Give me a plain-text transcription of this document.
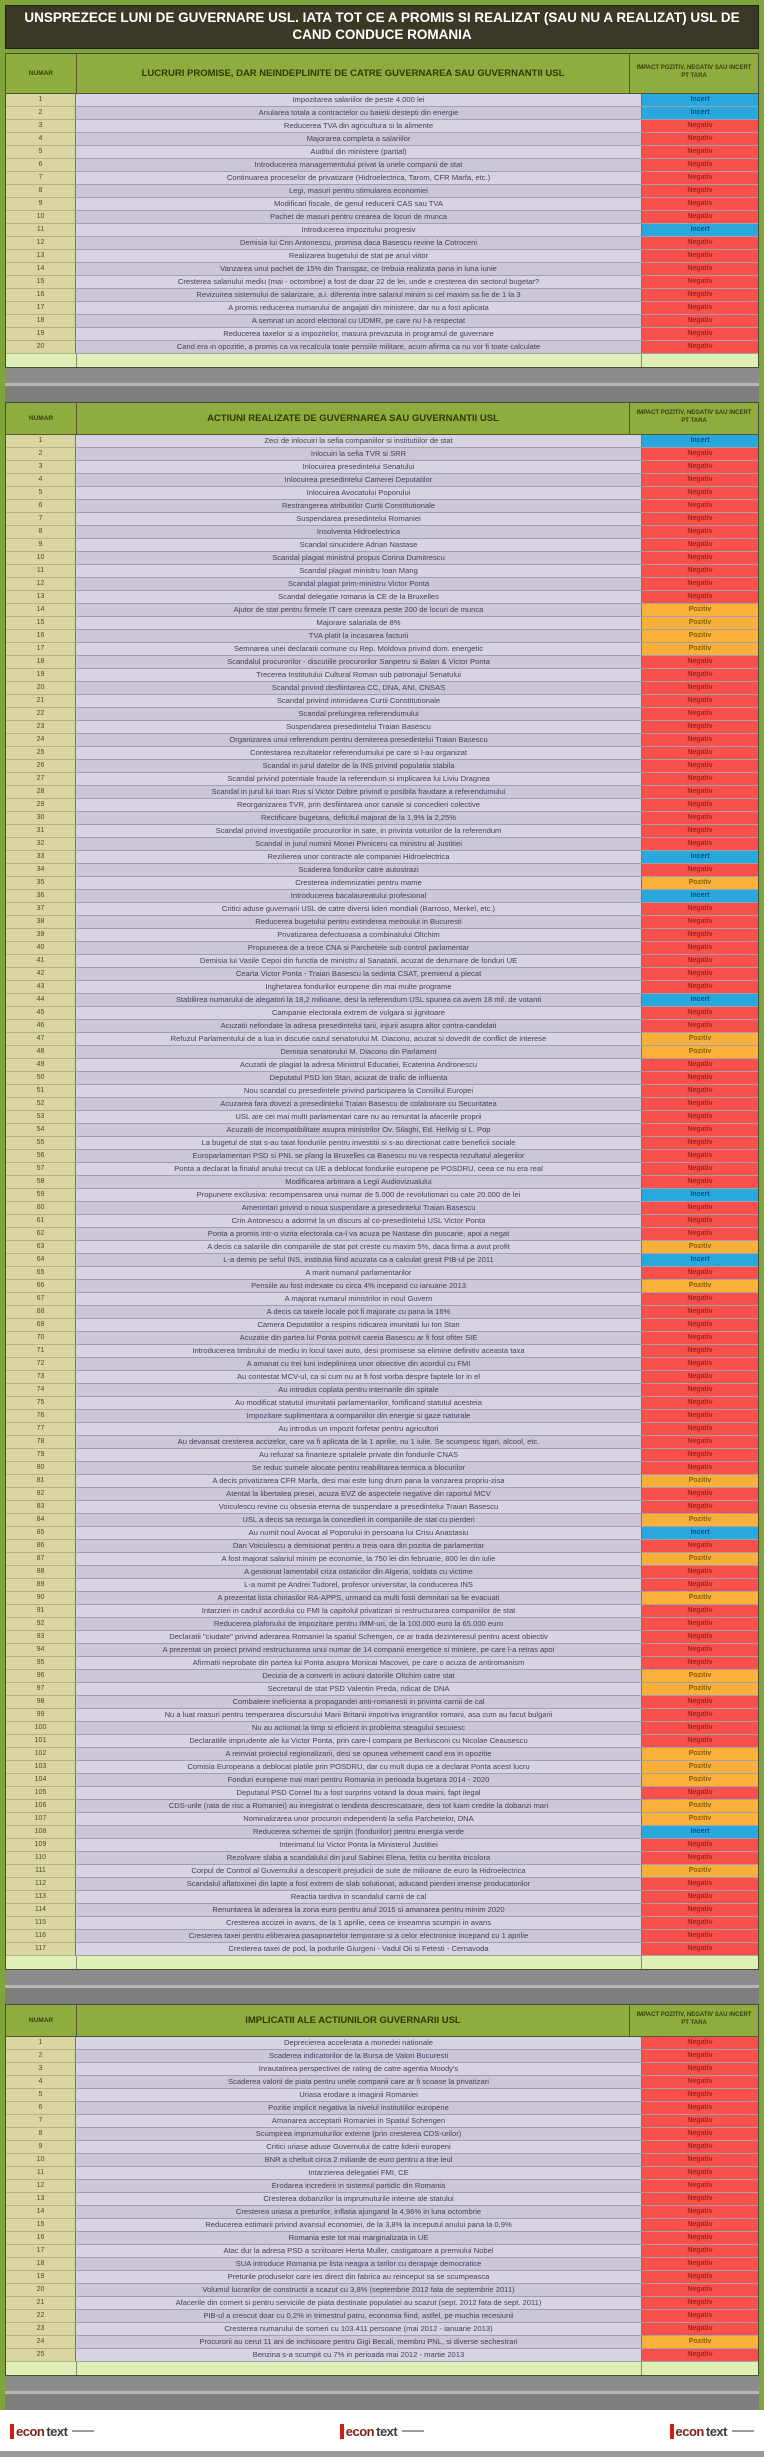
UNSPREZECE LUNI DE GUVERNARE USL. IATA TOT CE A PROMIS SI REALIZAT (SAU NU A REALIZAT) USL DE CAND CONDUCE ROMANIA
NUMAR	LUCRURI PROMISE, DAR NEINDEPLINITE DE CATRE GUVERNAREA SAU GUVERNANTII USL	IMPACT POZITIV, NEGATIV SAU INCERT PT TARA
1	Impozitarea salariilor de peste 4.000 lei	Incert
2	Anularea totala a contractelor cu baietii destepti din energie	Incert
3	Reducerea TVA din agricultura si la alimente	Negativ
4	Majorarea completa a salariilor	Negativ
5	Auditul din ministere (partial)	Negativ
6	Introducerea managementului privat la unele companii de stat	Negativ
7	Continuarea proceselor de privatizare (Hidroelectrica, Tarom, CFR Marfa, etc.)	Negativ
8	Legi, masuri pentru stimularea economiei	Negativ
9	Modificari fiscale, de genul reducerii CAS sau TVA	Negativ
10	Pachet de masuri pentru crearea de locuri de munca	Negativ
11	Introducerea impozitului progresiv	Incert
12	Demisia lui Crin Antonescu, promisa daca Basescu revine la Cotroceni	Negativ
13	Realizarea bugetului de stat pe anul viitor	Negativ
14	Vanzarea unui pachet de 15% din Transgaz, ce trebuia realizata pana in luna iunie	Negativ
15	Cresterea salariului mediu (mai - octombrie) a fost de doar 22 de lei, unde e cresterea din sectorul bugetar?	Negativ
16	Revizuirea sistemului de salarizare, a.i. diferenta intre salariul minim si cel maxim sa fie de 1 la 3	Negativ
17	A promis reducerea numarului de angajati din ministere, dar nu a fost aplicata	Negativ
18	A semnat un acord electoral cu UDMR, pe care nu l-a respectat	Negativ
19	Reducerea taxelor si a impozitelor, masura prevazuta in programul de guvernare	Negativ
20	Cand era in opozitie, a promis ca va recalcula toate pensiile militare, acum afirma ca nu vor fi toate calculate	Negativ
NUMAR	ACTIUNI REALIZATE DE GUVERNAREA SAU GUVERNANTII USL	IMPACT POZITIV, NEGATIV SAU INCERT PT TARA
1	Zeci de inlocuiri la sefia companiilor si institutiilor de stat	Incert
2	Inlocuiri la sefia TVR si SRR	Negativ
3	Inlocuirea presedintelui Senatului	Negativ
4	Inlocuirea presedintelui Camerei Deputatilor	Negativ
5	Inlocuirea Avocatului Poporului	Negativ
6	Restrangerea atributiilor Curtii Constitutionale	Negativ
7	Suspendarea presedintelui Romaniei	Negativ
8	Insolventa Hidroelectrica	Negativ
9	Scandal sinucidere Adrian Nastase	Negativ
10	Scandal plagiat ministrul propus Corina Dumitrescu	Negativ
11	Scandal plagiat ministru Ioan Mang	Negativ
12	Scandal plagiat prim-ministru Victor Ponta	Negativ
13	Scandal delegatie romana la CE de la Bruxelles	Negativ
14	Ajutor de stat pentru firmele IT care creeaza peste 200 de locuri de munca	Pozitiv
15	Majorare salariala de 8%	Pozitiv
16	TVA platit la incasarea facturii	Pozitiv
17	Semnarea unei declaratii comune cu Rep. Moldova privind dom. energetic	Pozitiv
18	Scandalul procurorilor - discutiile procurorilor Sanpetru si Balan & Victor Ponta	Negativ
19	Trecerea Institutului Cultural Roman sub patronajul Senatului	Negativ
20	Scandal privind desfiintarea CC, DNA, ANI, CNSAS	Negativ
21	Scandal privind intimidarea Curtii Constitutionale	Negativ
22	Scandal prelungirea referendumului	Negativ
23	Suspendarea presedintelui Traian Basescu	Negativ
24	Organizarea unui referendum pentru demiterea presedintelui Traian Basescu	Negativ
25	Contestarea rezultatelor referendumului pe care si l-au organizat	Negativ
26	Scandal in jurul datelor de la INS privind populatia stabila	Negativ
27	Scandal privind potentiale fraude la referendum si implicarea lui Liviu Dragnea	Negativ
28	Scandal in jurul lui Ioan Rus si Victor Dobre privind o posibila fraudare a referendumului	Negativ
29	Reorganizarea TVR, prin desfiintarea unor canale si concedieri colective	Negativ
30	Rectificare bugetara, deficitul majorat de la 1,9% la 2,25%	Negativ
31	Scandal privind investigatiile procurorilor in sate, in privinta voturilor de la referendum	Negativ
32	Scandal in jurul numirii Monei Pivniceru ca ministru al Justitiei	Negativ
33	Rezilierea unor contracte ale companiei Hidroelectrica	Incert
34	Scaderea fondurilor catre autostrazi	Negativ
35	Cresterea indemnizatiei pentru mame	Pozitiv
36	Introducerea bacalaureatului profesional	Incert
37	Critici aduse guvernarii USL de catre diversi lideri mondiali (Barroso, Merkel, etc.)	Negativ
38	Reducerea bugetului pentru extinderea metroului in Bucuresti	Negativ
39	Privatizarea defectuoasa a combinatului Oltchim	Negativ
40	Propunerea de a trece CNA si Parchetele sub control parlamentar	Negativ
41	Demisia lui Vasile Cepoi din functia de ministru al Sanatatii, acuzat de deturnare de fonduri UE	Negativ
42	Cearta Victor Ponta - Traian Basescu la sedinta CSAT, premierul a plecat	Negativ
43	Inghetarea fondurilor europene din mai multe programe	Negativ
44	Stabilirea numarului de alegatori la 18,2 milioane, desi la referendum USL spunea ca avem 18 mil. de votanti	Incert
45	Campanie electorala extrem de vulgara si jignitoare	Negativ
46	Acuzatii nefondate la adresa presedintelui tarii, injurii asupra altor contra-candidati	Negativ
47	Refuzul Parlamentului de a lua in discutie cazul senatorului M. Diaconu, acuzat si dovedit de conflict de interese	Pozitiv
48	Demisia senatorului M. Diaconu din Parlament	Pozitiv
49	Acuzatii de plagiat la adresa Ministrul Educatiei, Ecaterina Andronescu	Negativ
50	Deputatul PSD Ion Stan, acuzat de trafic de influenta	Negativ
51	Nou scandal cu presedintele privind participarea la Consiliul Europei	Negativ
52	Acuzarea fara dovezi a presedintelui Traian Basescu de colaborare cu Securitatea	Negativ
53	USL are cei mai multi parlamentari care nu au renuntat la afacerile proprii	Negativ
54	Acuzatii de incompatibilitate asupra ministrilor Ov. Silaghi, Ed. Hellvig si L. Pop	Negativ
55	La bugetul de stat s-au taiat fondurile pentru investitii si s-au directionat catre beneficii sociale	Negativ
56	Europarlamentari PSD si PNL se plang la Bruxelles ca Basescu nu va respecta rezultatul alegerilor	Negativ
57	Ponta a declarat la finalul anului trecut ca UE a deblocat fondurile europene pe POSDRU, ceea ce nu era real	Negativ
58	Modificarea arbitrara a Legii Audiovizualului	Negativ
59	Propunere exclusiva: recompensarea unui numar de 5.000 de revolutionari cu cate 20.000 de lei	Incert
60	Amenintari privind o noua suspendare a presedintelui Traian Basescu	Negativ
61	Crin Antonescu a adormit la un discurs al co-presedintelui USL Victor Ponta	Negativ
62	Ponta a promis intr-o vizita electorala ca-l va acuza pe Nastase din puscarie, apoi a negat	Negativ
63	A decis ca salariile din companiile de stat pot creste cu maxim 5%, daca firma a avut profit	Pozitiv
64	L-a demis pe seful INS, institutia fiind acuzata ca a calculat gresit PIB-ul pe 2011	Incert
65	A marit numarul parlamentarilor	Negativ
66	Pensiile au fost indexate cu circa 4% incepand cu ianuarie 2013	Pozitiv
67	A majorat numarul ministrilor in noul Guvern	Negativ
68	A decis ca taxele locale pot fi majorate cu pana la 16%	Negativ
69	Camera Deputatilor a respins ridicarea imunitatii lui Ion Stan	Negativ
70	Acuzatie din partea lui Ponta potrivit careia Basescu ar fi fost ofiter SIE	Negativ
71	Introducerea timbrului de mediu in locul taxei auto, desi promisese sa elimine definitiv aceasta taxa	Negativ
72	A amanat cu trei luni indeplinirea unor obiective din acordul cu FMI	Negativ
73	Au contestat MCV-ul, ca si cum nu ar fi fost vorba despre faptele lor in el	Negativ
74	Au introdus coplata pentru internarile din spitale	Negativ
75	Au modificat statutul imunitatii parlamentarilor, fortificand statutul acesteia	Negativ
76	Impozitare suplimentara a companiilor din energie si gaze naturale	Negativ
77	Au introdus un impozit forfetar pentru agricultori	Negativ
78	Au devansat cresterea accizelor, care va fi aplicata de la 1 aprilie, nu 1 iulie. Se scumpesc tigari, alcool, etc.	Negativ
79	Au refuzat sa finanteze spitalele private din fondurile CNAS	Negativ
80	Se reduc sumele alocate pentru reabilitarea termica a blocurilor	Negativ
81	A decis privatizarea CFR Marfa, desi mai este lung drum pana la vanzarea propriu-zisa	Pozitiv
82	Atentat la libertatea presei, acuza EVZ de aspectele negative din raportul MCV	Negativ
83	Voiculescu revine cu obsesia eterna de suspendare a presedintelui Traian Basescu	Negativ
84	USL a decis sa recurga la concedieri in companiile de stat cu pierderi	Pozitiv
85	Au numit noul Avocat al Poporului in persoana lui Crisu Anastasiu	Incert
86	Dan Voiculescu a demisionat pentru a treia oara din pozitia de parlamentar	Negativ
87	A fost majorat salariul minim pe economie, la 750 lei din februarie, 800 lei din iulie	Pozitiv
88	A gestionat lamentabil criza ostaticilor din Algeria, soldata cu victime	Negativ
89	L-a numit pe Andrei Tudorel, profesor universitar, la conducerea INS	Negativ
90	A prezentat lista chiriasilor RA-APPS, urmand ca multi fosti demnitari sa fie evacuati	Pozitiv
91	Intarzieri in cadrul acordului cu FMI la capitolul privatizari si restructurarea companiilor de stat	Negativ
92	Reducerea plafonului de impozitare pentru IMM-uri, de la 100.000 euro la 65.000 euro	Negativ
93	Declaratii "ciudate" privind aderarea Romaniei la spatiul Schengen, ce ar trada dezinteresul pentru acest obiectiv	Negativ
94	A prezentat un proiect privind restructurarea unui numar de 14 companii energetice si miniere, pe care l-a retras apoi	Negativ
95	Afirmatii neprobate din partea lui Ponta asupra Monicai Macovei, pe care o acuza de antiromanism	Negativ
96	Decizia de a converti in actiuni datoriile Oltchim catre stat	Pozitiv
97	Secretarul de stat PSD Valentin Preda, ridicat de DNA	Pozitiv
98	Combatere ineficienta a propagandei anti-romanesti in privinta carnii de cal	Negativ
99	Nu a luat masuri pentru temperarea discursului Marii Britanii impotriva imigrantilor romani, asa cum au facut bulgarii	Negativ
100	Nu au actionat la timp si eficient in problema steagului secuiesc	Negativ
101	Declaratiile imprudente ale lui Victor Ponta, prin care-l compara pe Berlusconi cu Nicolae Ceausescu	Negativ
102	A reinviat proiectul regionalizarii, desi se opunea vehement cand era in opozitie	Pozitiv
103	Comisia Europeana a deblocat platile prin POSDRU, dar cu mult dupa ce a declarat Ponta acest lucru	Pozitiv
104	Fonduri europene mai mari pentru Romania in perioada bugetara 2014 - 2020	Pozitiv
105	Deputatul PSD Cornel Itu a fost surprins votand la doua maini, fapt ilegal	Negativ
106	CDS-urile (rata de risc a Romaniei) au inregistrat o tendinta descrescatoare, desi tot luam credite la dobanzi mari	Pozitiv
107	Nominalizarea unor procurori independenti la sefia Parchetelor, DNA	Pozitiv
108	Reducerea schemei de sprijin (fondurilor) pentru energia verde	Incert
109	Interimatul lui Victor Ponta la Ministerul Justitiei	Negativ
110	Rezolvare slaba a scandalului din jurul Sabinei Elena, fetita cu bentita tricolora	Negativ
111	Corpul de Control al Guvernului a descoperit prejudicii de sute de milioane de euro la Hidroelectrica	Pozitiv
112	Scandalul aflatoxinei din lapte a fost extrem de slab solutionat, aducand pierderi imense producatorilor	Negativ
113	Reactia tardiva in scandalul carnii de cal	Negativ
114	Renuntarea la aderarea la zona euro pentru anul 2015 si amanarea pentru minim 2020	Negativ
115	Cresterea accizei in avans, de la 1 aprilie, ceea ce inseamna scumpiri in avans	Negativ
116	Cresterea taxei pentru eliberarea pasapoartelor temporare si a celor electronice incepand cu 1 aprilie	Negativ
117	Cresterea taxei de pod, la podurile Giurgeni - Vadul Oii si Fetesti - Cernavoda	Negativ
NUMAR	IMPLICATII ALE ACTIUNILOR GUVERNARII USL	IMPACT POZITIV, NEGATIV SAU INCERT PT TARA
1	Deprecierea accelerata a monedei nationale	Negativ
2	Scaderea indicatorilor de la Bursa de Valori Bucuresti	Negativ
3	Inrautatirea perspectivei de rating de catre agentia Moody's	Negativ
4	Scaderea valorii de piata pentru unele companii care ar fi scoase la privatizari	Negativ
5	Uriasa erodare a imaginii Romaniei	Negativ
6	Pozitie implicit negativa la nivelul institutiilor europene	Negativ
7	Amanarea acceptarii Romaniei in Spatiul Schengen	Negativ
8	Scumpirea imprumuturilor externe (prin cresterea CDS-urilor)	Negativ
9	Critici uriase aduse Guvernului de catre liderii europeni	Negativ
10	BNR a cheltuit circa 2 miliarde de euro pentru a tine leul	Negativ
11	Intarzierea delegatiei FMI, CE	Negativ
12	Erodarea increderii in sistemul partidic din Romania	Negativ
13	Cresterea dobanzilor la imprumuturile interne ale statului	Negativ
14	Cresterea uriasa a preturilor, inflatia ajungand la 4,96% in luna octombrie	Negativ
15	Reducerea estimarii privind avansul economiei, de la 3,8% la inceputul anului pana la 0,9%	Negativ
16	Romania este tot mai marginalizata in UE	Negativ
17	Atac dur la adresa PSD a scriitoarei Herta Muller, castigatoare a premiului Nobel	Negativ
18	SUA introduce Romania pe lista neagra a tarilor cu derapaje democratice	Negativ
19	Preturile produselor care ies direct din fabrica au reinceput sa se scumpeasca	Negativ
20	Volumul lucrarilor de constructii a scazut cu 3,8% (septembrie 2012 fata de septembrie 2011)	Negativ
21	Afacerile din comert si pentru serviciile de piata destinate populatiei au scazut (sept. 2012 fata de sept. 2011)	Negativ
22	PIB-ul a crescut doar cu 0,2% in trimestrul patru, economia fiind, astfel, pe muchia recesiunii	Negativ
23	Cresterea numarului de someri cu 103.411 persoane (mai 2012 - ianuarie 2013)	Negativ
24	Procurorii au cerut 11 ani de inchisoare pentru Gigi Becali, membru PNL, si diverse sechestrari	Pozitiv
25	Benzina s-a scumpit cu 7% in perioada mai 2012 - martie 2013	Negativ
econ text	econ text	econ text
